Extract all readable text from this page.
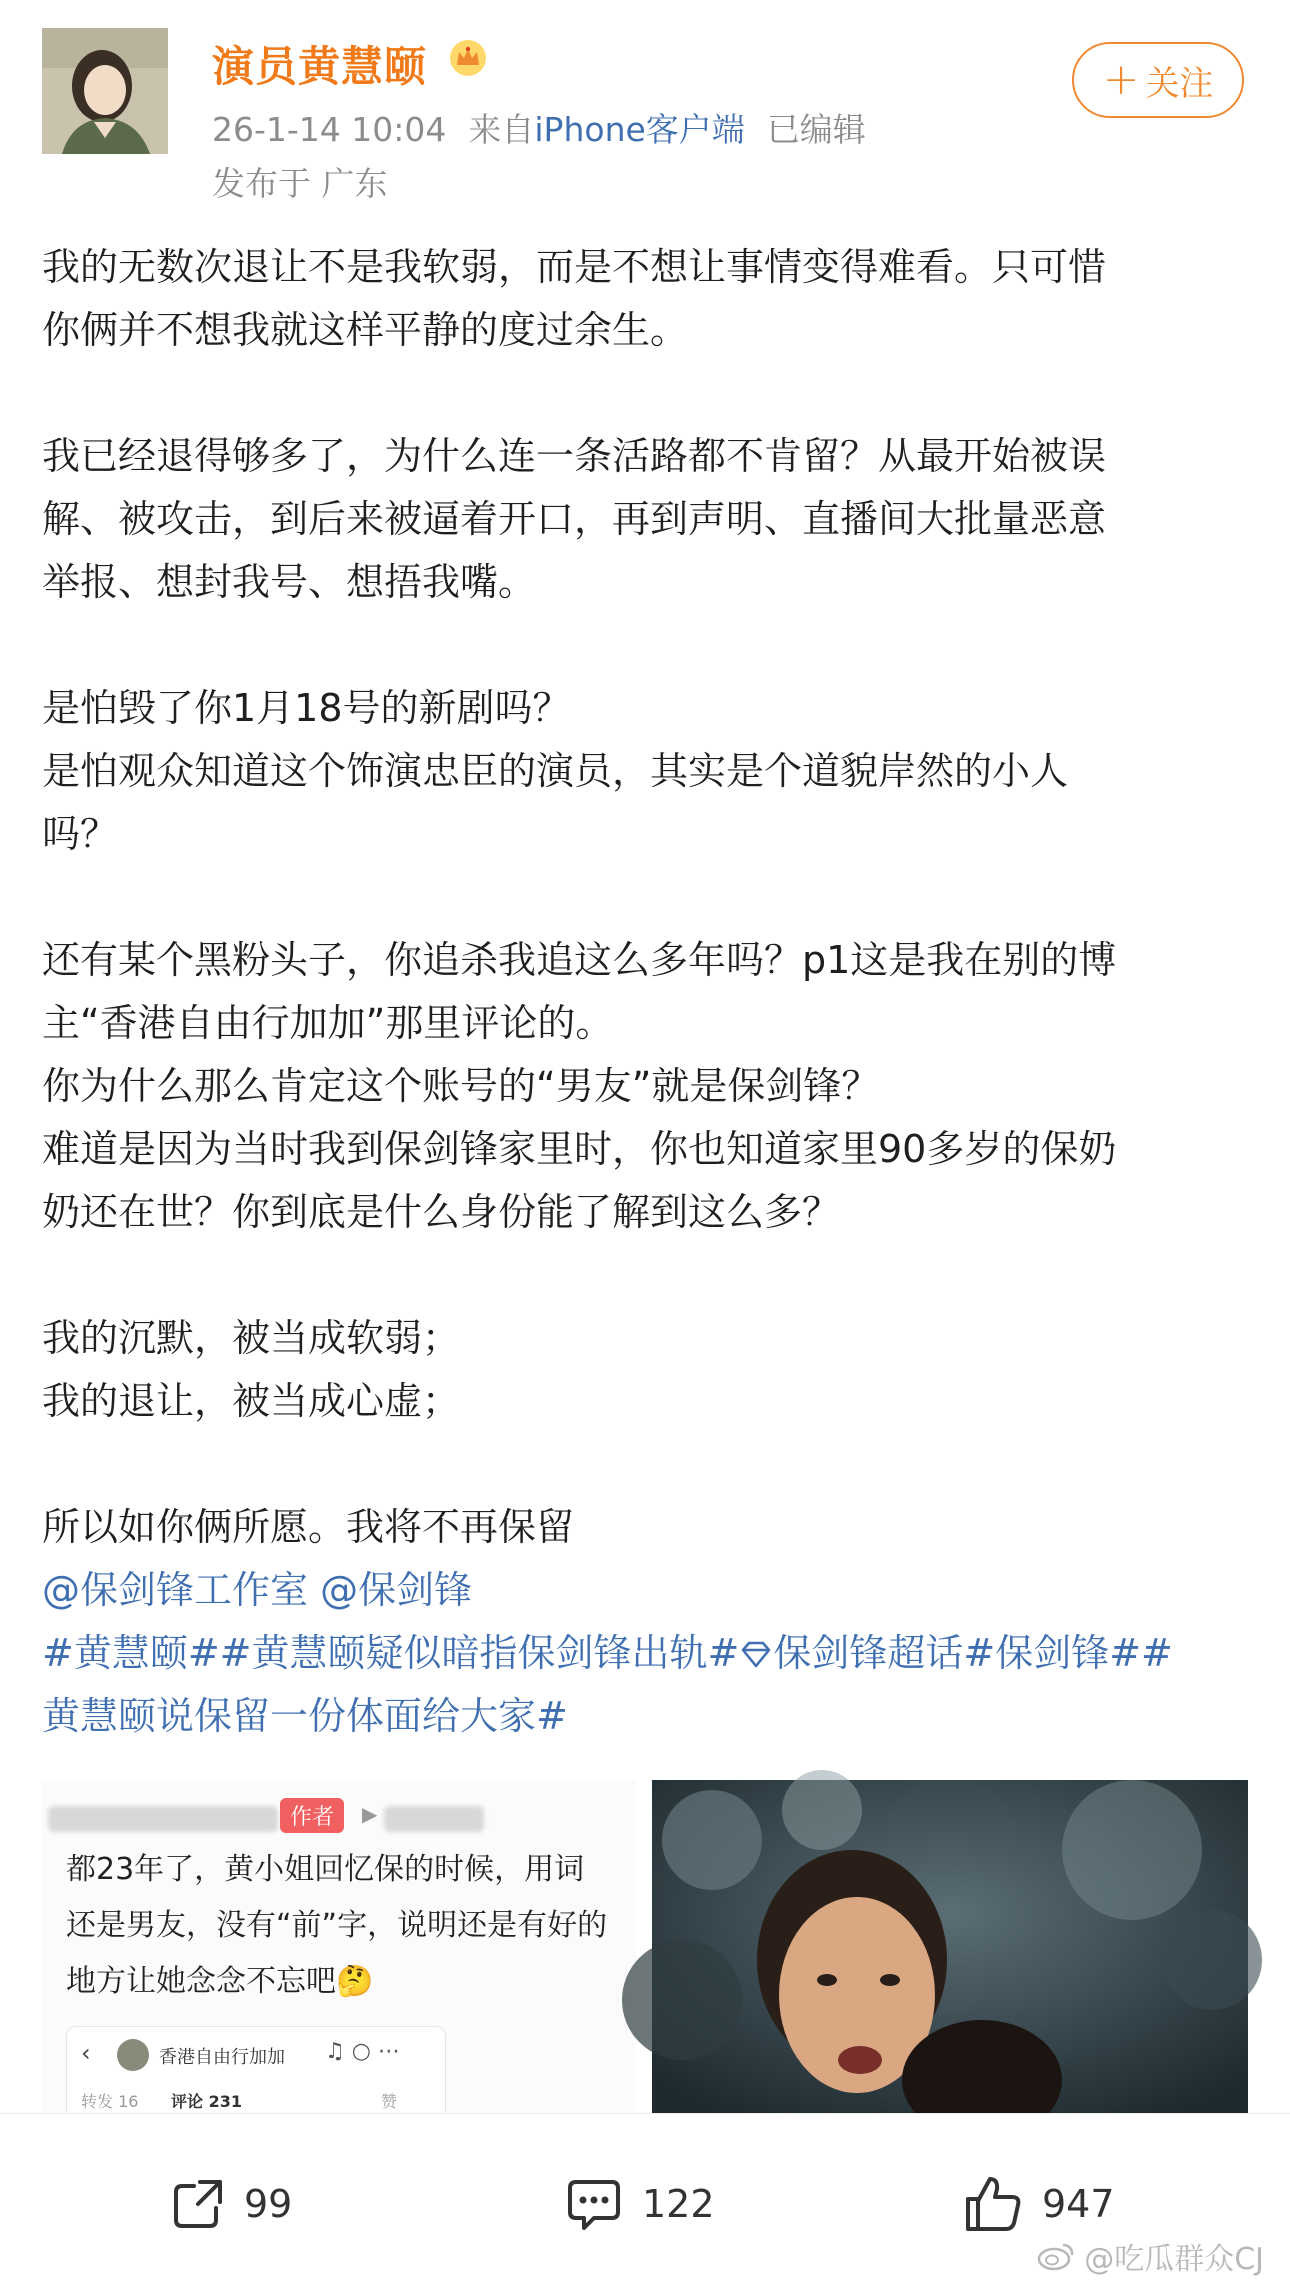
演员黄慧颐
26-1-14 10:04 来自iPhone客户端 已编辑
发布于 广东
+ 关注

我的无数次退让不是我软弱，而是不想让事情变得难看。只可惜

你俩并不想我就这样平静的度过余生。

我已经退得够多了，为什么连一条活路都不肯留？从最开始被误

解、被攻击，到后来被逼着开口，再到声明、直播间大批量恶意

举报、想封我号、想捂我嘴。

是怕毁了你1月18号的新剧吗？

是怕观众知道这个饰演忠臣的演员，其实是个道貌岸然的小人

吗？

还有某个黑粉头子，你追杀我追这么多年吗？p1这是我在别的博

主“香港自由行加加”那里评论的。

你为什么那么肯定这个账号的“男友”就是保剑锋？

难道是因为当时我到保剑锋家里时，你也知道家里90多岁的保奶

奶还在世？你到底是什么身份能了解到这么多？

我的沉默，被当成软弱；

我的退让，被当成心虚；

所以如你俩所愿。我将不再保留

@保剑锋工作室 @保剑锋

#黄慧颐##黄慧颐疑似暗指保剑锋出轨# 保剑锋超话#保剑锋##

黄慧颐说保留一份体面给大家#

作者	▶
都23年了，黄小姐回忆保的时候，用词
还是男友，没有“前”字，说明还是有好的
地方让她念念不忘吧🤔
‹	香港自由行加加 ♫ ○ ⋯
转发 16 评论 231	赞
99	122	947
@吃瓜群众CJ
